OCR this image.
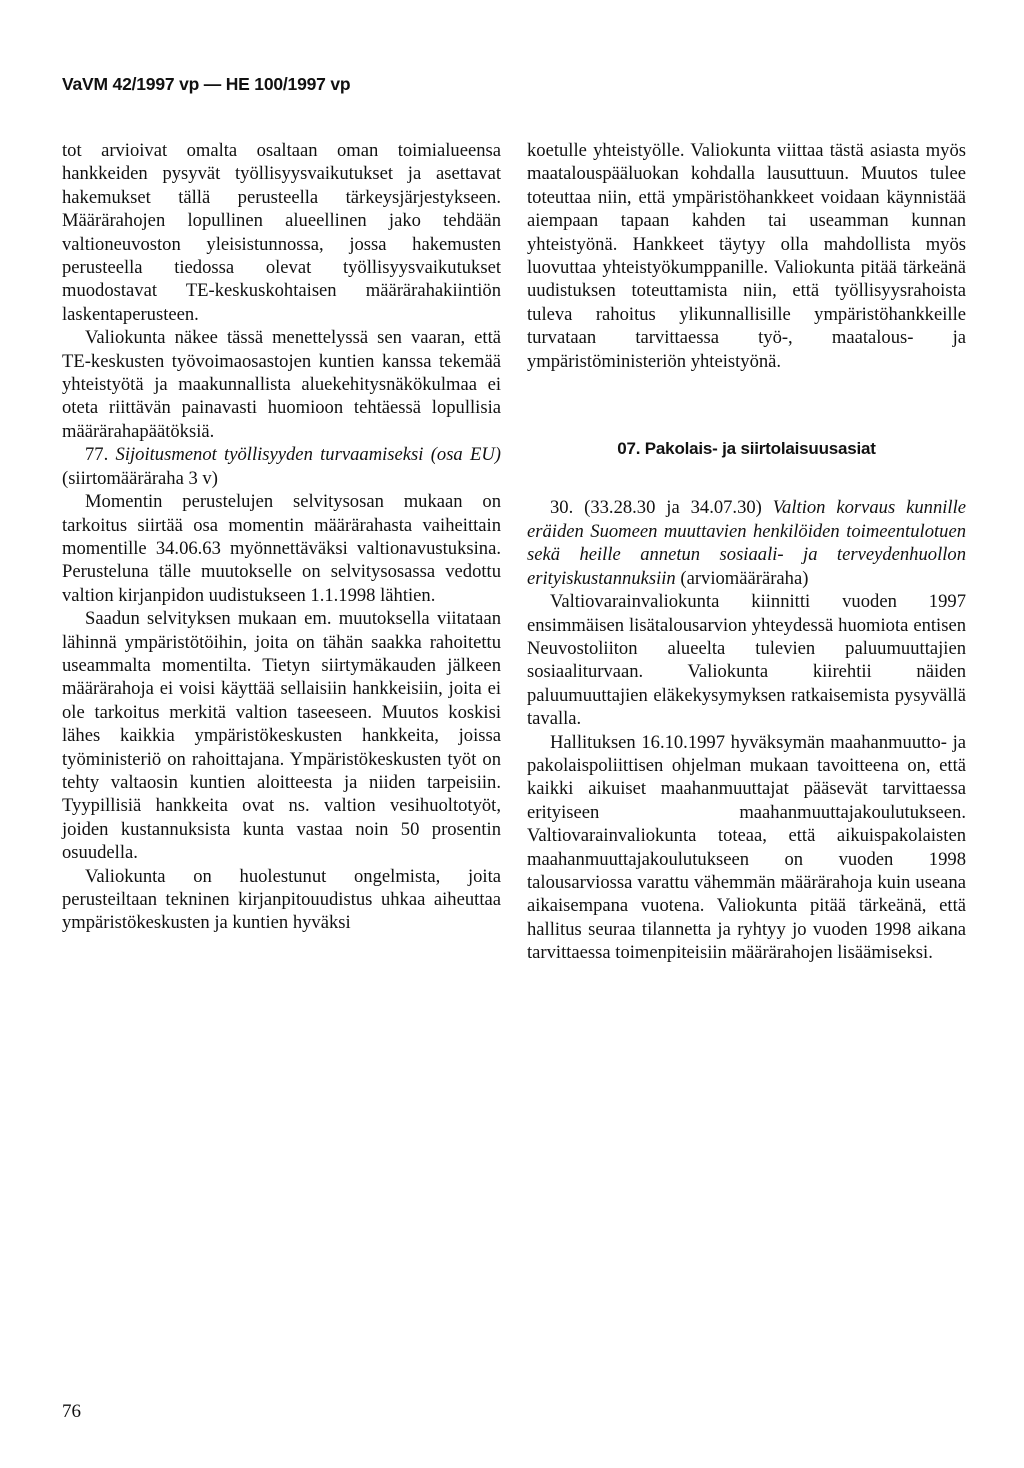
VaVM 42/1997 vp — HE 100/1997 vp

tot arvioivat omalta osaltaan oman toimialueensa hankkeiden pysyvät työllisyysvaikutukset ja asettavat hakemukset tällä perusteella tärkeysjärjestykseen. Määrärahojen lopullinen alueellinen jako tehdään valtioneuvoston yleisistunnossa, jossa hakemusten perusteella tiedossa olevat työllisyysvaikutukset muodostavat TE-keskuskohtaisen määrärahakiintiön laskentaperusteen.

Valiokunta näkee tässä menettelyssä sen vaaran, että TE-keskusten työvoimaosastojen kuntien kanssa tekemää yhteistyötä ja maakunnallista aluekehitysnäkökulmaa ei oteta riittävän painavasti huomioon tehtäessä lopullisia määrärahapäätöksiä.

77. Sijoitusmenot työllisyyden turvaamiseksi (osa EU) (siirtomääräraha 3 v)

Momentin perustelujen selvitysosan mukaan on tarkoitus siirtää osa momentin määrärahasta vaiheittain momentille 34.06.63 myönnettäväksi valtionavustuksina. Perusteluna tälle muutokselle on selvitysosassa vedottu valtion kirjanpidon uudistukseen 1.1.1998 lähtien.

Saadun selvityksen mukaan em. muutoksella viitataan lähinnä ympäristötöihin, joita on tähän saakka rahoitettu useammalta momentilta. Tietyn siirtymäkauden jälkeen määrärahoja ei voisi käyttää sellaisiin hankkeisiin, joita ei ole tarkoitus merkitä valtion taseeseen. Muutos koskisi lähes kaikkia ympäristökeskusten hankkeita, joissa työministeriö on rahoittajana. Ympäristökeskusten työt on tehty valtaosin kuntien aloitteesta ja niiden tarpeisiin. Tyypillisiä hankkeita ovat ns. valtion vesihuoltotyöt, joiden kustannuksista kunta vastaa noin 50 prosentin osuudella.

Valiokunta on huolestunut ongelmista, joita perusteiltaan tekninen kirjanpitouudistus uhkaa aiheuttaa ympäristökeskusten ja kuntien hyväksi

koetulle yhteistyölle. Valiokunta viittaa tästä asiasta myös maatalouspääluokan kohdalla lausuttuun. Muutos tulee toteuttaa niin, että ympäristöhankkeet voidaan käynnistää aiempaan tapaan kahden tai useamman kunnan yhteistyönä. Hankkeet täytyy olla mahdollista myös luovuttaa yhteistyökumppanille. Valiokunta pitää tärkeänä uudistuksen toteuttamista niin, että työllisyysrahoista tuleva rahoitus ylikunnallisille ympäristöhankkeille turvataan tarvittaessa työ-, maatalous- ja ympäristöministeriön yhteistyönä.

07. Pakolais- ja siirtolaisuusasiat

30. (33.28.30 ja 34.07.30) Valtion korvaus kunnille eräiden Suomeen muuttavien henkilöiden toimeentulotuen sekä heille annetun sosiaali- ja terveydenhuollon erityiskustannuksiin (arviomääräraha)

Valtiovarainvaliokunta kiinnitti vuoden 1997 ensimmäisen lisätalousarvion yhteydessä huomiota entisen Neuvostoliiton alueelta tulevien paluumuuttajien sosiaaliturvaan. Valiokunta kiirehtii näiden paluumuuttajien eläkekysymyksen ratkaisemista pysyvällä tavalla.

Hallituksen 16.10.1997 hyväksymän maahanmuutto- ja pakolaispoliittisen ohjelman mukaan tavoitteena on, että kaikki aikuiset maahanmuuttajat pääsevät tarvittaessa erityiseen maahanmuuttajakoulutukseen. Valtiovarainvaliokunta toteaa, että aikuispakolaisten maahanmuuttajakoulutukseen on vuoden 1998 talousarviossa varattu vähemmän määrärahoja kuin useana aikaisempana vuotena. Valiokunta pitää tärkeänä, että hallitus seuraa tilannetta ja ryhtyy jo vuoden 1998 aikana tarvittaessa toimenpiteisiin määrärahojen lisäämiseksi.

76
